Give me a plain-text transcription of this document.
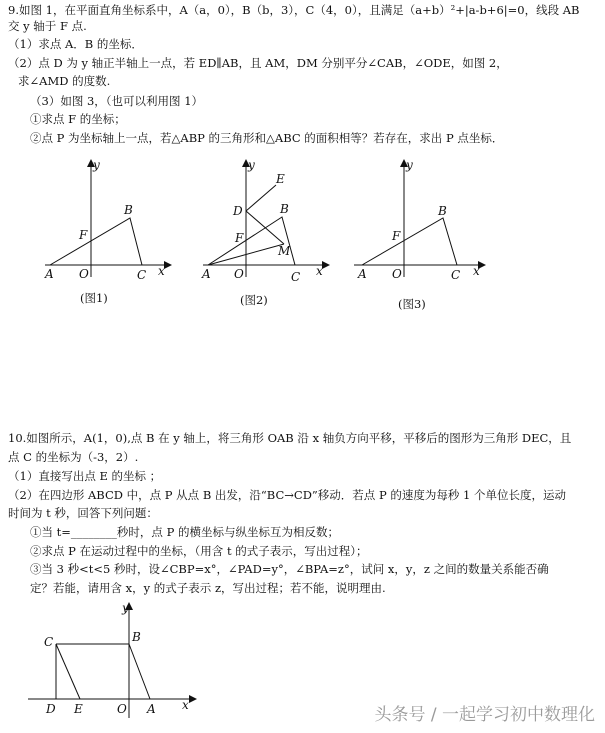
9.如图 1，在平面直角坐标系中，A（a，0），B（b，3），C（4，0），且满足（a+b）²+|a-b+6|=0，线段 AB
交 y 轴于 F 点.
（1）求点 A．B 的坐标．
（2）点 D 为 y 轴正半轴上一点，若 ED∥AB，且 AM，DM 分别平分∠CAB，∠ODE，如图 2，
求∠AMD 的度数.
（3）如图 3，（也可以利用图 1）
①求点 F 的坐标；
②点 P 为坐标轴上一点，若△ABP 的三角形和△ABC 的面积相等？若存在，求出 P 点坐标．
y
x
A O	C
B
F
(图1)
y
x
A O	C
B
E
D
F
M
(图2)
y
x
A O	C
B
F
(图3)
10.如图所示，A(1，0),点 B 在 y 轴上，将三角形 OAB 沿 x 轴负方向平移，平移后的图形为三角形 DEC，且
点 C 的坐标为（-3，2）.
（1）直接写出点 E 的坐标 ；
（2）在四边形 ABCD 中，点 P 从点 B 出发，沿“BC→CD”移动．若点 P 的速度为每秒 1 个单位长度，运动
时间为 t 秒，回答下列问题：
①当 t=________秒时，点 P 的横坐标与纵坐标互为相反数；
②求点 P 在运动过程中的坐标，（用含 t 的式子表示，写出过程）；
③当 3 秒<t<5 秒时，设∠CBP=x°，∠PAD=y°，∠BPA=z°，试问 x，y，z 之间的数量关系能否确
定？若能，请用含 x，y 的式子表示 z，写出过程；若不能，说明理由.
y
x
C	B
D E	O A	头条号 / 一起学习初中数理化
